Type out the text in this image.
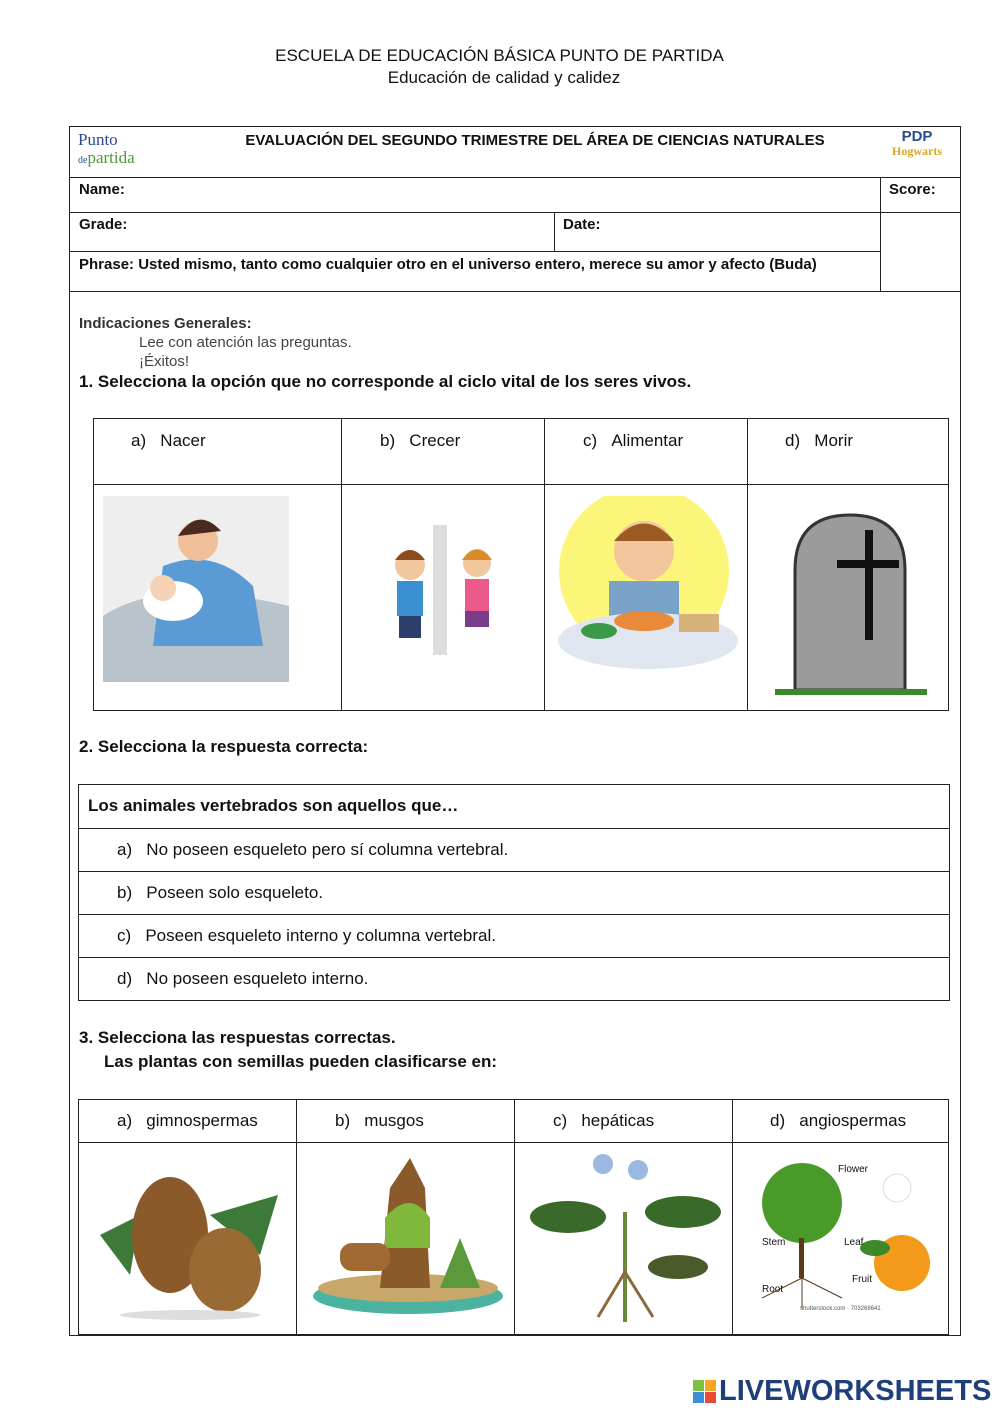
ESCUELA DE EDUCACIÓN BÁSICA PUNTO DE PARTIDA
Educación de calidad y calidez
Punto
departida
EVALUACIÓN DEL SEGUNDO TRIMESTRE DEL ÁREA DE CIENCIAS NATURALES	PDP
Hogwarts
Name:	Score:
Grade:	Date:
Phrase: Usted mismo, tanto como cualquier otro en el universo entero, merece su amor y afecto (Buda)
Indicaciones Generales:
Lee con atención las preguntas.
¡Éxitos!
1. Selecciona la opción que no corresponde al ciclo vital de los seres vivos.
a) Nacer	b) Crecer	c) Alimentar	d) Morir
2. Selecciona la respuesta correcta:
Los animales vertebrados son aquellos que…
a) No poseen esqueleto pero sí columna vertebral.
b) Poseen solo esqueleto.
c) Poseen esqueleto interno y columna vertebral.
d) No poseen esqueleto interno.
3. Selecciona las respuestas correctas.
Las plantas con semillas pueden clasificarse en:
a) gimnospermas	b) musgos	c) hepáticas	d) angiospermas
Flower
Stem	Leaf
Fruit
Root
shutterstock.com · 703268641
LIVEWORKSHEETS
